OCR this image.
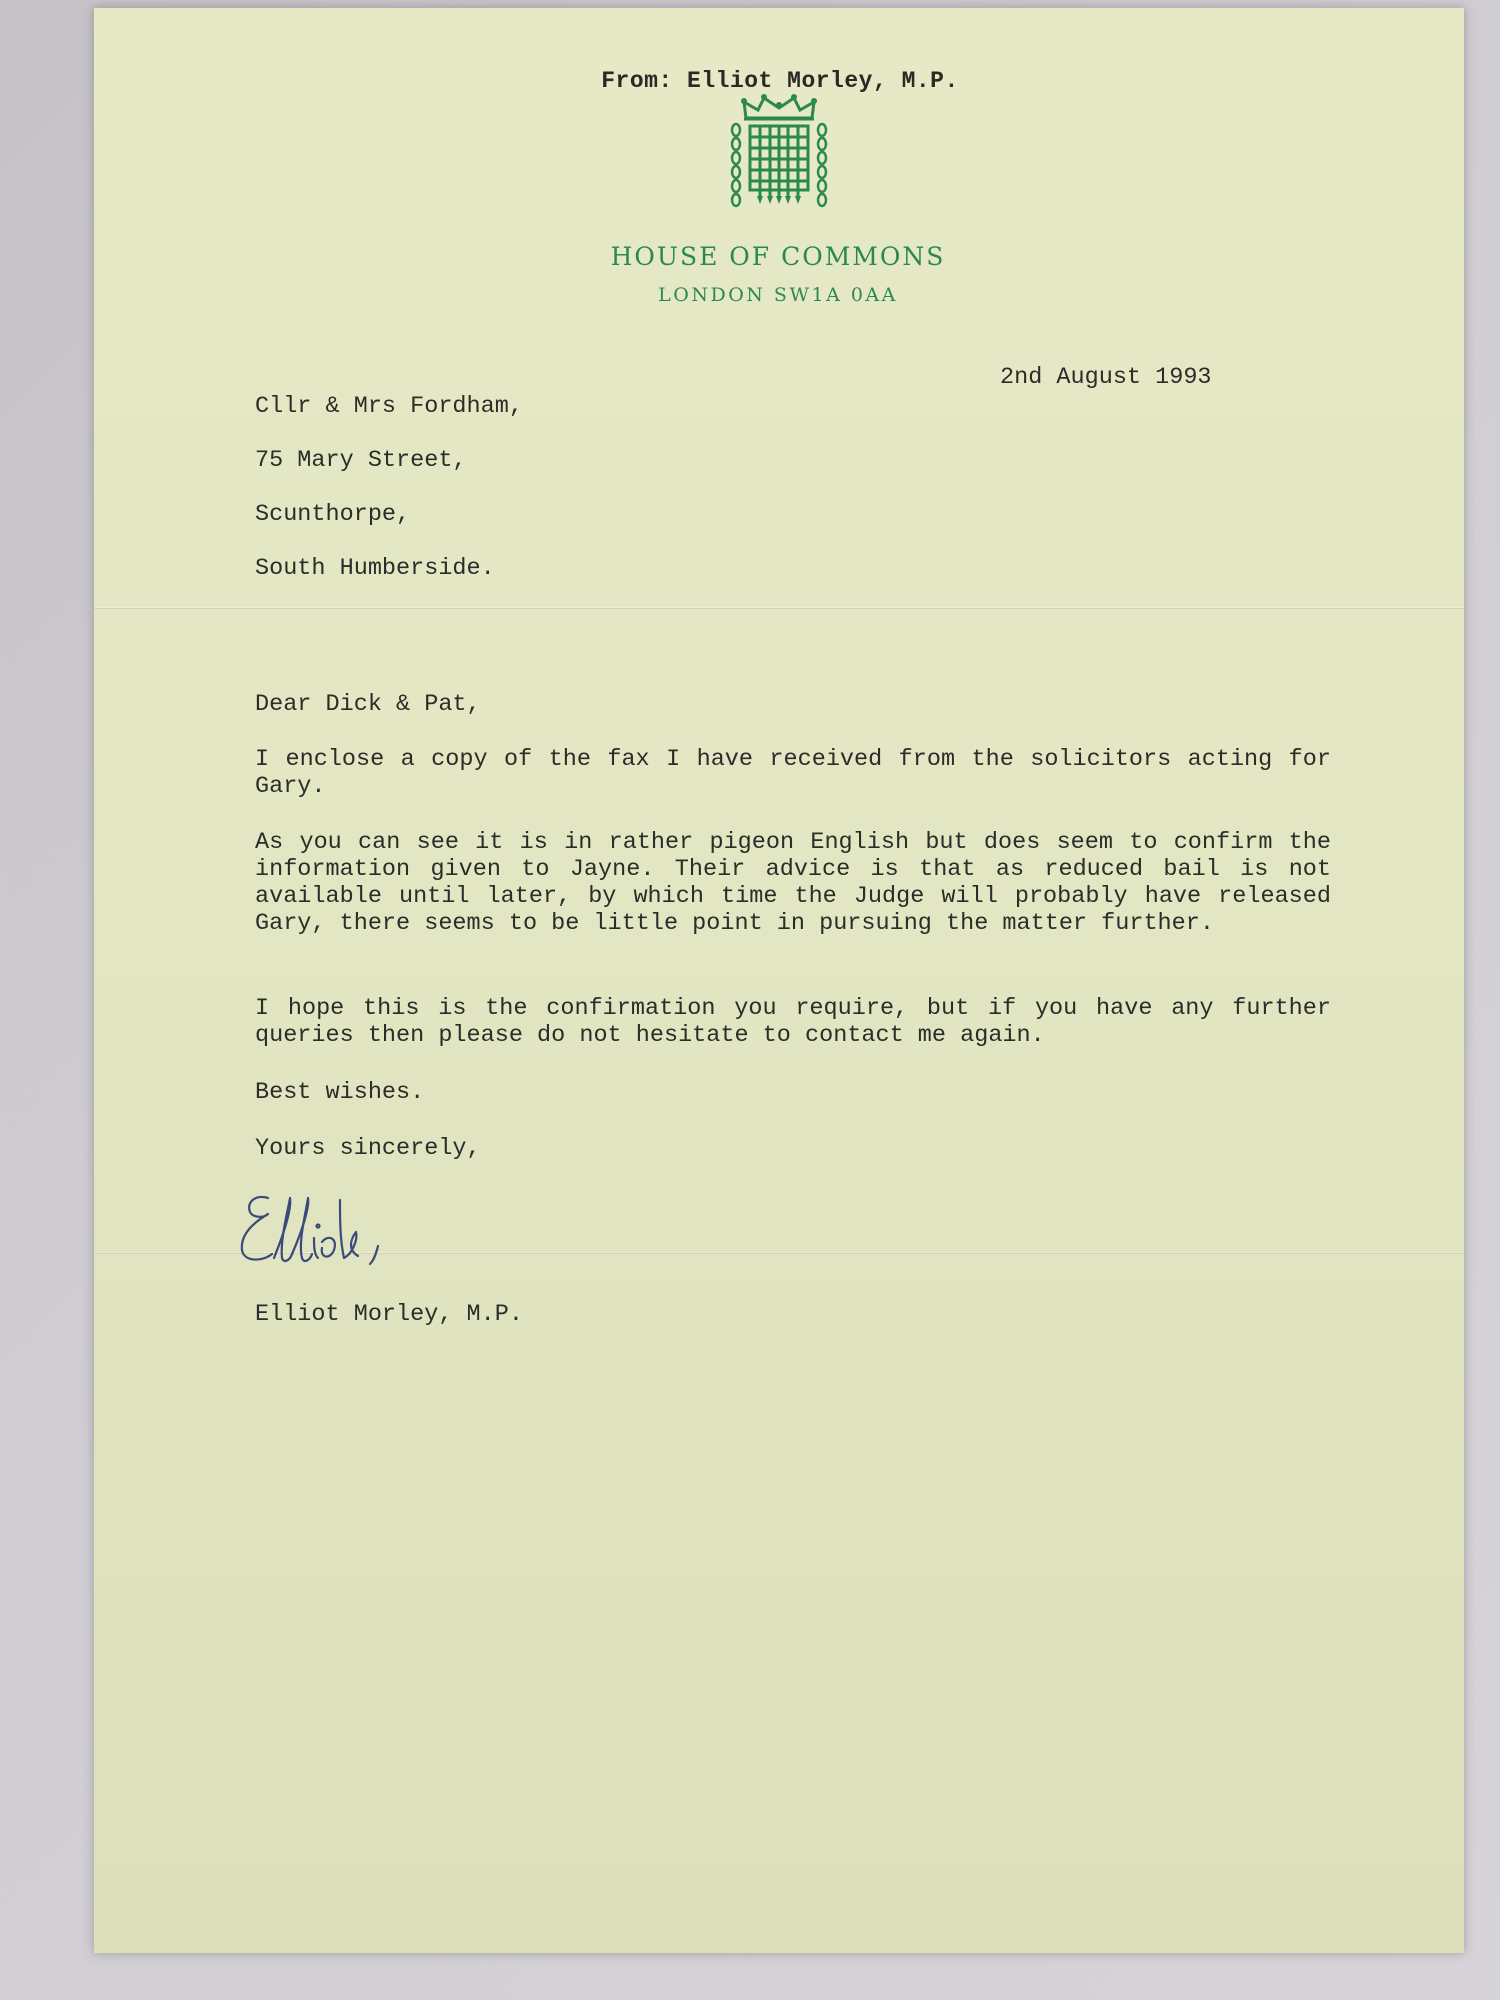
From: Elliot Morley, M.P.
HOUSE OF COMMONS
LONDON SW1A 0AA

Cllr & Mrs Fordham,

75 Mary Street,

Scunthorpe,

South Humberside.

2nd August 1993
Dear Dick & Pat,
I enclose a copy of the fax I have received from the solicitors acting for Gary.
As you can see it is in rather pigeon English but does seem to confirm the information given to Jayne. Their advice is that as reduced bail is not available until later, by which time the Judge will probably have released Gary, there seems to be little point in pursuing the matter further.
I hope this is the confirmation you require, but if you have any further queries then please do not hesitate to contact me again.
Best wishes.
Yours sincerely,
Elliot Morley, M.P.
